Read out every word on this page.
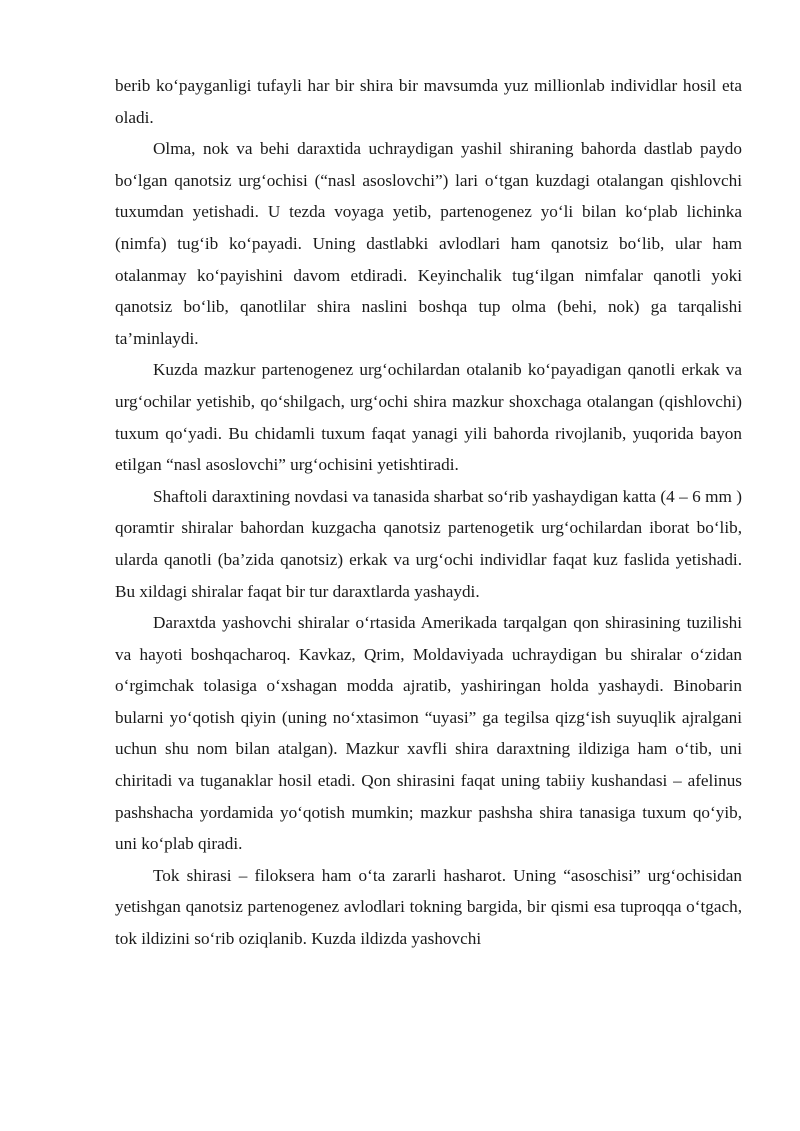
berib ko‘payganligi tufayli har bir shira bir mavsumda yuz millionlab individlar hosil eta oladi.

Olma, nok va behi daraxtida uchraydigan yashil shiraning bahorda dastlab paydo bo‘lgan qanotsiz urg‘ochisi (“nasl asoslovchi”) lari o‘tgan kuzdagi otalangan qishlovchi tuxumdan yetishadi. U tezda voyaga yetib, partenogenez yo‘li bilan ko‘plab lichinka (nimfa) tug‘ib ko‘payadi. Uning dastlabki avlodlari ham qanotsiz bo‘lib, ular ham otalanmay ko‘payishini davom etdiradi. Keyinchalik tug‘ilgan nimfalar qanotli yoki qanotsiz bo‘lib, qanotlilar shira naslini boshqa tup olma (behi, nok) ga tarqalishi ta’minlaydi.

Kuzda mazkur partenogenez urg‘ochilardan otalanib ko‘payadigan qanotli erkak va urg‘ochilar yetishib, qo‘shilgach, urg‘ochi shira mazkur shoxchaga otalangan (qishlovchi) tuxum qo‘yadi. Bu chidamli tuxum faqat yanagi yili bahorda rivojlanib, yuqorida bayon etilgan “nasl asoslovchi” urg‘ochisini yetishtiradi.

Shaftoli daraxtining novdasi va tanasida sharbat so‘rib yashaydigan katta (4 – 6 mm ) qoramtir shiralar bahordan kuzgacha qanotsiz partenogetik urg‘ochilardan iborat bo‘lib, ularda qanotli (ba’zida qanotsiz) erkak va urg‘ochi individlar faqat kuz faslida yetishadi. Bu xildagi shiralar faqat bir tur daraxtlarda yashaydi.

Daraxtda yashovchi shiralar o‘rtasida Amerikada tarqalgan qon shirasining tuzilishi va hayoti boshqacharoq. Kavkaz, Qrim, Moldaviyada uchraydigan bu shiralar o‘zidan o‘rgimchak tolasiga o‘xshagan modda ajratib, yashiringan holda yashaydi. Binobarin bularni yo‘qotish qiyin (uning no‘xtasimon “uyasi” ga tegilsa qizg‘ish suyuqlik ajralgani uchun shu nom bilan atalgan). Mazkur xavfli shira daraxtning ildiziga ham o‘tib, uni chiritadi va tuganaklar hosil etadi. Qon shirasini faqat uning tabiiy kushandasi – afelinus pashshacha yordamida yo‘qotish mumkin; mazkur pashsha shira tanasiga tuxum qo‘yib, uni ko‘plab qiradi.

Tok shirasi – filoksera ham o‘ta zararli hasharot. Uning “asoschisi” urg‘ochisidan yetishgan qanotsiz partenogenez avlodlari tokning bargida, bir qismi esa tuproqqa o‘tgach, tok ildizini so‘rib oziqlanib. Kuzda ildizda yashovchi
